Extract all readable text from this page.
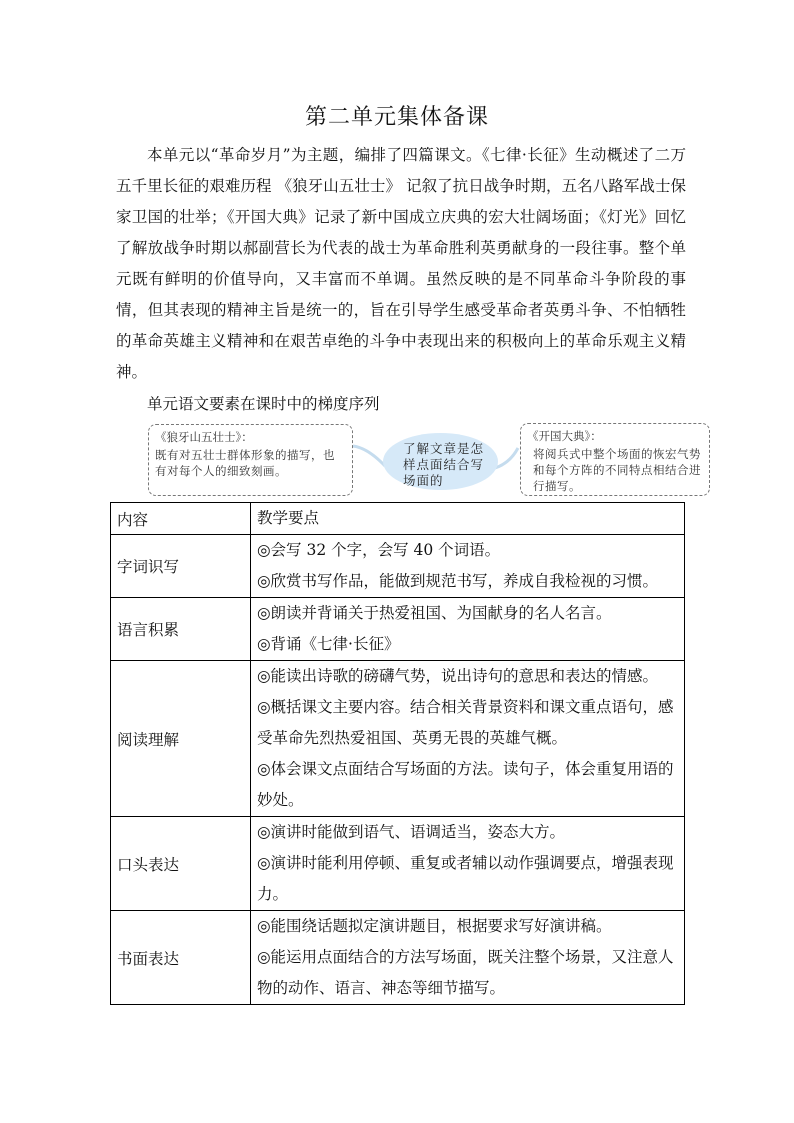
第二单元集体备课

本单元以“革命岁月”为主题，编排了四篇课文。《七律·长征》生动概述了二万五千里长征的艰难历程 《狼牙山五壮士》 记叙了抗日战争时期，五名八路军战士保家卫国的壮举；《开国大典》记录了新中国成立庆典的宏大壮阔场面；《灯光》回忆了解放战争时期以郝副营长为代表的战士为革命胜利英勇献身的一段往事。整个单元既有鲜明的价值导向，又丰富而不单调。虽然反映的是不同革命斗争阶段的事情，但其表现的精神主旨是统一的，旨在引导学生感受革命者英勇斗争、不怕牺牲的革命英雄主义精神和在艰苦卓绝的斗争中表现出来的积极向上的革命乐观主义精神。

单元语文要素在课时中的梯度序列
《狼牙山五壮士》：
既有对五壮士群体形象的描写，也有对每个人的细致刻画。
了解文章是怎样点面结合写场面的
《开国大典》：
将阅兵式中整个场面的恢宏气势和每个方阵的不同特点相结合进行描写。
内容	教学要点
字词识写	◎会写 32 个字，会写 40 个词语。
◎欣赏书写作品，能做到规范书写，养成自我检视的习惯。

语言积累	◎朗读并背诵关于热爱祖国、为国献身的名人名言。
◎背诵《七律·长征》

阅读理解	◎能读出诗歌的磅礴气势，说出诗句的意思和表达的情感。
◎概括课文主要内容。结合相关背景资料和课文重点语句，感受革命先烈热爱祖国、英勇无畏的英雄气概。
◎体会课文点面结合写场面的方法。读句子，体会重复用语的妙处。

口头表达	◎演讲时能做到语气、语调适当，姿态大方。
◎演讲时能利用停顿、重复或者辅以动作强调要点，增强表现力。

书面表达	◎能围绕话题拟定演讲题目，根据要求写好演讲稿。
◎能运用点面结合的方法写场面，既关注整个场景，又注意人物的动作、语言、神态等细节描写。
